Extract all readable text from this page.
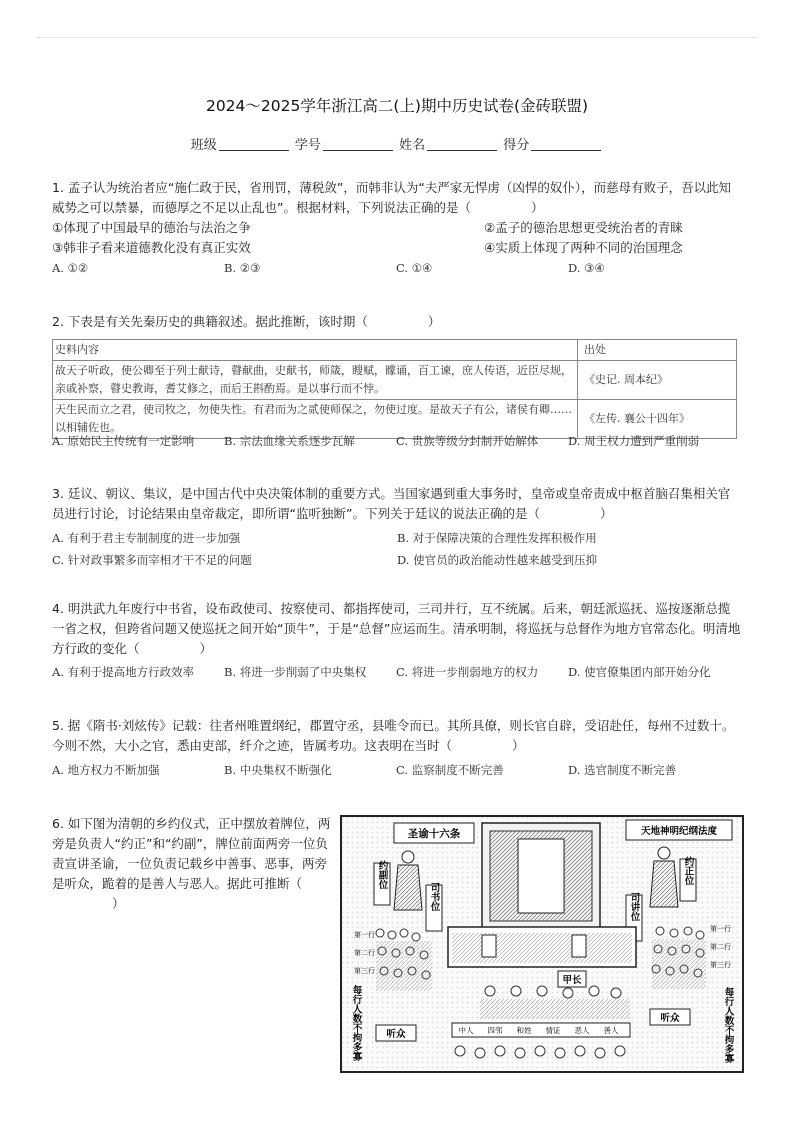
2024～2025学年浙江高二(上)期中历史试卷(金砖联盟)
班级	学号	姓名	得分

1. 孟子认为统治者应“施仁政于民，省刑罚，薄税敛”，而韩非认为“夫严家无悍虏（凶悍的奴仆），而慈母有败子，吾以此知威势之可以禁暴，而德厚之不足以止乱也”。根据材料，下列说法正确的是（	）

①体现了中国最早的德治与法治之争	②孟子的德治思想更受统治者的青睐
③韩非子看来道德教化没有真正实效	④实质上体现了两种不同的治国理念
A. ①②	B. ②③	C. ①④	D. ③④

2. 下表是有关先秦历史的典籍叙述。据此推断，该时期（	）

史料内容	出处
故天子听政，使公卿至于列士献诗，瞽献曲，史献书，师箴，瞍赋，矇诵，百工谏，庶人传语，近臣尽规，亲戚补察，瞽史教诲，耆艾修之，而后王斟酌焉。是以事行而不悖。	《史记. 周本纪》
天生民而立之君，使司牧之，勿使失性。有君而为之贰使师保之，勿使过度。是故天子有公，诸侯有卿……以相辅佐也。	《左传. 襄公十四年》
A. 原始民主传统有一定影响	B. 宗法血缘关系逐步瓦解	C. 贵族等级分封制开始解体	D. 周王权力遭到严重削弱

3. 廷议、朝议、集议，是中国古代中央决策体制的重要方式。当国家遇到重大事务时，皇帝或皇帝责成中枢首脑召集相关官员进行讨论，讨论结果由皇帝裁定，即所谓“监听独断”。下列关于廷议的说法正确的是（	）

A. 有利于君主专制制度的进一步加强	B. 对于保障决策的合理性发挥积极作用
C. 针对政事繁多而宰相才干不足的问题	D. 使官员的政治能动性越来越受到压抑

4. 明洪武九年废行中书省，设布政使司、按察使司、都指挥使司，三司并行，互不统属。后来，朝廷派巡抚、巡按逐渐总揽一省之权，但跨省问题又使巡抚之间开始“顶牛”，于是“总督”应运而生。清承明制，将巡抚与总督作为地方官常态化。明清地方行政的变化（	）

A. 有利于提高地方行政效率	B. 将进一步削弱了中央集权	C. 将进一步削弱地方的权力	D. 使官僚集团内部开始分化

5. 据《隋书·刘炫传》记载：往者州唯置纲纪，郡置守丞，县唯令而已。其所具僚，则长官自辟，受诏赴任，每州不过数十。今则不然，大小之官，悉由吏部，纤介之迹，皆属考功。这表明在当时（	）

A. 地方权力不断加强	B. 中央集权不断强化	C. 监察制度不断完善	D. 选官制度不断完善
6. 如下图为清朝的乡约仪式，正中摆放着牌位，两旁是负责人“约正”和“约副”，牌位前面两旁一位负责宣讲圣谕，一位负责记载乡中善事、恶事，两旁是听众，跪着的是善人与恶人。据此可推断（）
圣谕十六条	天地神明纪纲法度
约副位	约正位
司书位	司讲位
甲长
第一行
第二行
第三行
第一行
第二行
第三行
听众
听众
每行人数不拘多寡	每行人数不拘多寡
中人 四邻 和姓 情证 恶人 善人
